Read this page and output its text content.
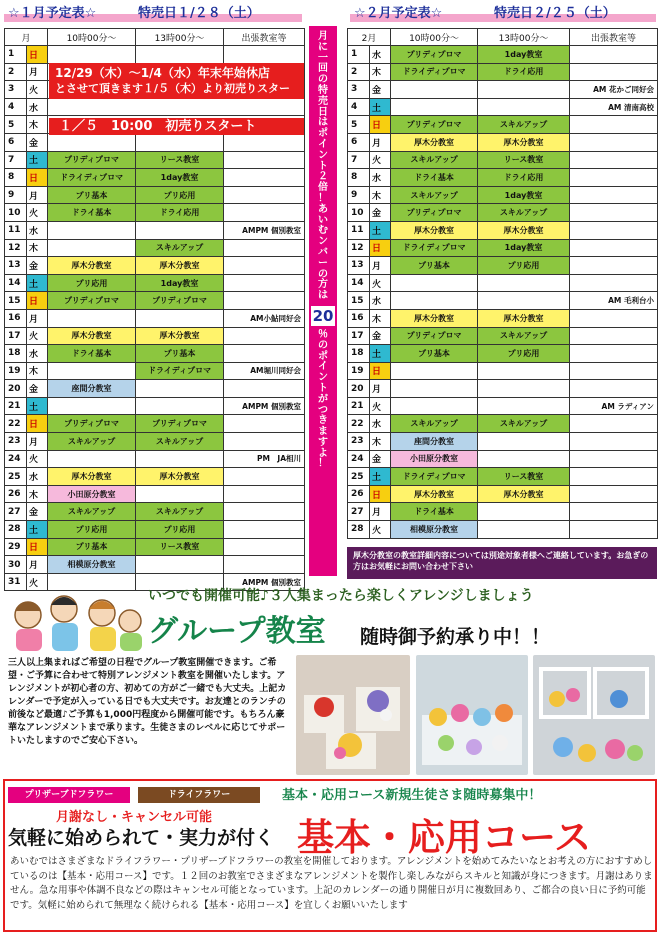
☆１月予定表☆	特売日１/２８（土）	☆２月予定表☆	特売日２/２５（土）
月		10時00分～	13時00分～	出張教室等
1	日			
2	月			
3	火			
4	水			
5	木			
6	金			
7	土	プリディプロマ	リース教室	
8	日	ドライディプロマ	1day教室	
9	月	プリ基本	プリ応用	
10	火	ドライ基本	ドライ応用	
11	水			AMPM 個別教室
12	木		スキルアップ	
13	金	厚木分教室	厚木分教室	
14	土	プリ応用	1day教室	
15	日	プリディプロマ	プリディプロマ	
16	月			AM小鮎同好会
17	火	厚木分教室	厚木分教室	
18	水	ドライ基本	プリ基本	
19	木		ドライディプロマ	AM堀川同好会
20	金	座間分教室		
21	土			AMPM 個別教室
22	日	プリディプロマ	プリディプロマ	
23	月	スキルアップ	スキルアップ	
24	火			PM　JA相川
25	水	厚木分教室	厚木分教室	
26	木	小田原分教室		
27	金	スキルアップ	スキルアップ	
28	土	プリ応用	プリ応用	
29	日	プリ基本	リース教室	
30	月	相模原分教室		
31	火			AMPM 個別教室
12/29（木）～1/4（水）年末年始休店
とさせて頂きます１/５（木）より初売りスタート
１／５　10:00　初売りスタート
月
に
一
回
の
特
売
日
は
ポ
イ
ン
ト
２
倍
！
あ
い
む
ン
バ
ー
の
方
は
20
％
の
ポ
イ
ン
ト
が
つ
き
ま
す
よ
！
2月		10時00分～	13時00分～	出張教室等
1	水	プリディプロマ	1day教室	
2	木	ドライディプロマ	ドライ応用	
3	金			AM 花かご同好会
4	土			AM 清南高校
5	日	プリディプロマ	スキルアップ	
6	月	厚木分教室	厚木分教室	
7	火	スキルアップ	リース教室	
8	水	ドライ基本	ドライ応用	
9	木	スキルアップ	1day教室	
10	金	プリディプロマ	スキルアップ	
11	土	厚木分教室	厚木分教室	
12	日	ドライディプロマ	1day教室	
13	月	プリ基本	プリ応用	
14	火			
15	水			AM 毛利台小
16	木	厚木分教室	厚木分教室	
17	金	プリディプロマ	スキルアップ	
18	土	プリ基本	プリ応用	
19	日			
20	月			
21	火			AM ラディアン
22	水	スキルアップ	スキルアップ	
23	木	座間分教室		
24	金	小田原分教室		
25	土	ドライディプロマ	リース教室	
26	日	厚木分教室	厚木分教室	
27	月	ドライ基本		
28	火	相模原分教室		
厚木分教室の教室詳細内容については別途対象者様へご連絡しています。お急ぎの方はお気軽にお問い合わせ下さい
いつでも開催可能♪３人集まったら楽しくアレンジしましょう
グループ教室 随時御予約承り中！！
三人以上集まればご希望の日程でグループ教室開催できます。ご希望・ご予算に合わせて特別アレンジメント教室を開催いたします。アレンジメントが初心者の方、初めての方がご一緒でも大丈夫。上記カレンダーで予定が入っている日でも大丈夫です。お友達とのランチの前後など最適♪ご予算も1,000円程度から開催可能です。もちろん豪華なアレンジメントまで承ります。生徒さまのレベルに応じてサポートいたしますのでご安心下さい。
プリザーブドフラワー	ドライフラワー	基本・応用コース新規生徒さま随時募集中！
月謝なし・キャンセル可能
気軽に始められて・実力が付く 基本・応用コース
あいむではさまざまなドライフラワー・プリザーブドフラワーの教室を開催しております。アレンジメントを始めてみたいなとお考えの方におすすめしているのは【基本・応用コース】です。１２回のお教室でさまざまなアレンジメントを製作し楽しみながらスキルと知識が身につきます。月謝はありません。急な用事や体調不良などの際はキャンセル可能となっています。上記のカレンダーの通り開催日が月に複数回あり、ご都合の良い日に予約可能です。気軽に始められて無理なく続けられる【基本・応用コース】を宜しくお願いいたします
